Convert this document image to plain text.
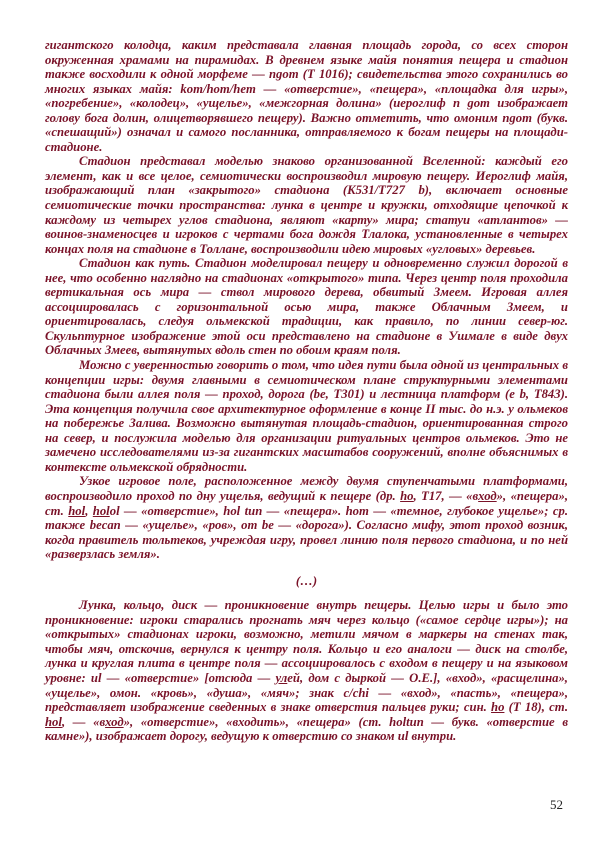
гигантского колодца, каким представала главная площадь города, со всех сторон окруженная храмами на пирамидах. В древнем языке майя понятия пещера и стадион также восходили к одной морфеме — ngom (T 1016); свидетельства этого сохранились во многих языках майя: kom/hom/hem — «отверстие», «пещера», «площадка для игры», «погребение», «колодец», «ущелье», «межгорная долина» (иероглиф n gom изображает голову бога долин, олицетворявшего пещеру). Важно отметить, что омоним ngom (букв. «спешащий») означал и самого посланника, отправляемого к богам пещеры на площади-стадионе.

Стадион представал моделью знаково организованной Вселенной: каждый его элемент, как и все целое, семиотически воспроизводил мировую пещеру. Иероглиф майя, изображающий план «закрытого» стадиона (K531/T727 b), включает основные семиотические точки пространства: лунка в центре и кружки, отходящие цепочкой к каждому из четырех углов стадиона, являют «карту» мира; статуи «атлантов» — воинов-знаменосцев и игроков с чертами бога дождя Тлалока, установленные в четырех концах поля на стадионе в Толлане, воспроизводили идею мировых «угловых» деревьев.

Стадион как путь. Стадион моделировал пещеру и одновременно служил дорогой в нее, что особенно наглядно на стадионах «открытого» типа. Через центр поля проходила вертикальная ось мира — ствол мирового дерева, обвитый Змеем. Игровая аллея ассоциировалась с горизонтальной осью мира, также Облачным Змеем, и ориентировалась, следуя ольмекской традиции, как правило, по линии север-юг. Скульптурное изображение этой оси представлено на стадионе в Ушмале в виде двух Облачных Змеев, вытянутых вдоль стен по обоим краям поля.

Можно с уверенностью говорить о том, что идея пути была одной из центральных в концепции игры: двумя главными в семиотическом плане структурными элементами стадиона были аллея поля — проход, дорога (be, T301) и лестница платформ (e b, T843). Эта концепция получила свое архитектурное оформление в конце II тыс. до н.э. у ольмеков на побережье Залива. Возможно вытянутая площадь-стадион, ориентированная строго на север, и послужила моделью для организации ритуальных центров ольмеков. Это не замечено исследователями из-за гигантских масштабов сооружений, вполне объяснимых в контексте ольмекской обрядности.

Узкое игровое поле, расположенное между двумя ступенчатыми платформами, воспроизводило проход по дну ущелья, ведущий к пещере (др. ho, T17, — «вход», «пещера», ст. hol, holol — «отверстие», hol tun — «пещера». hom — «темное, глубокое ущелье»; ср. также becan — «ущелье», «ров», от be — «дорога»). Согласно мифу, этот проход возник, когда правитель тольтеков, учреждая игру, провел линию поля первого стадиона, и по ней «разверзлась земля».

(…)

Лунка, кольцо, диск — проникновение внутрь пещеры. Целью игры и было это проникновение: игроки старались прогнать мяч через кольцо («самое сердце игры»); на «открытых» стадионах игроки, возможно, метили мячом в маркеры на стенах так, чтобы мяч, отскочив, вернулся к центру поля. Кольцо и его аналоги — диск на столбе, лунка и круглая плита в центре поля — ассоциировалось с входом в пещеру и на языковом уровне: ul — «отверстие» [отсюда — улей, дом с дыркой — О.Е.], «вход», «расщелина», «ущелье», омон. «кровь», «душа», «мяч»; знак c/chi — «вход», «пасть», «пещера», представляет изображение сведенных в знаке отверстия пальцев руки; син. ho (T 18), ст. hol, — «вход», «отверстие», «входить», «пещера» (ст. holtun — букв. «отверстие в камне»), изображает дорогу, ведущую к отверстию со знаком ul внутри.

52
